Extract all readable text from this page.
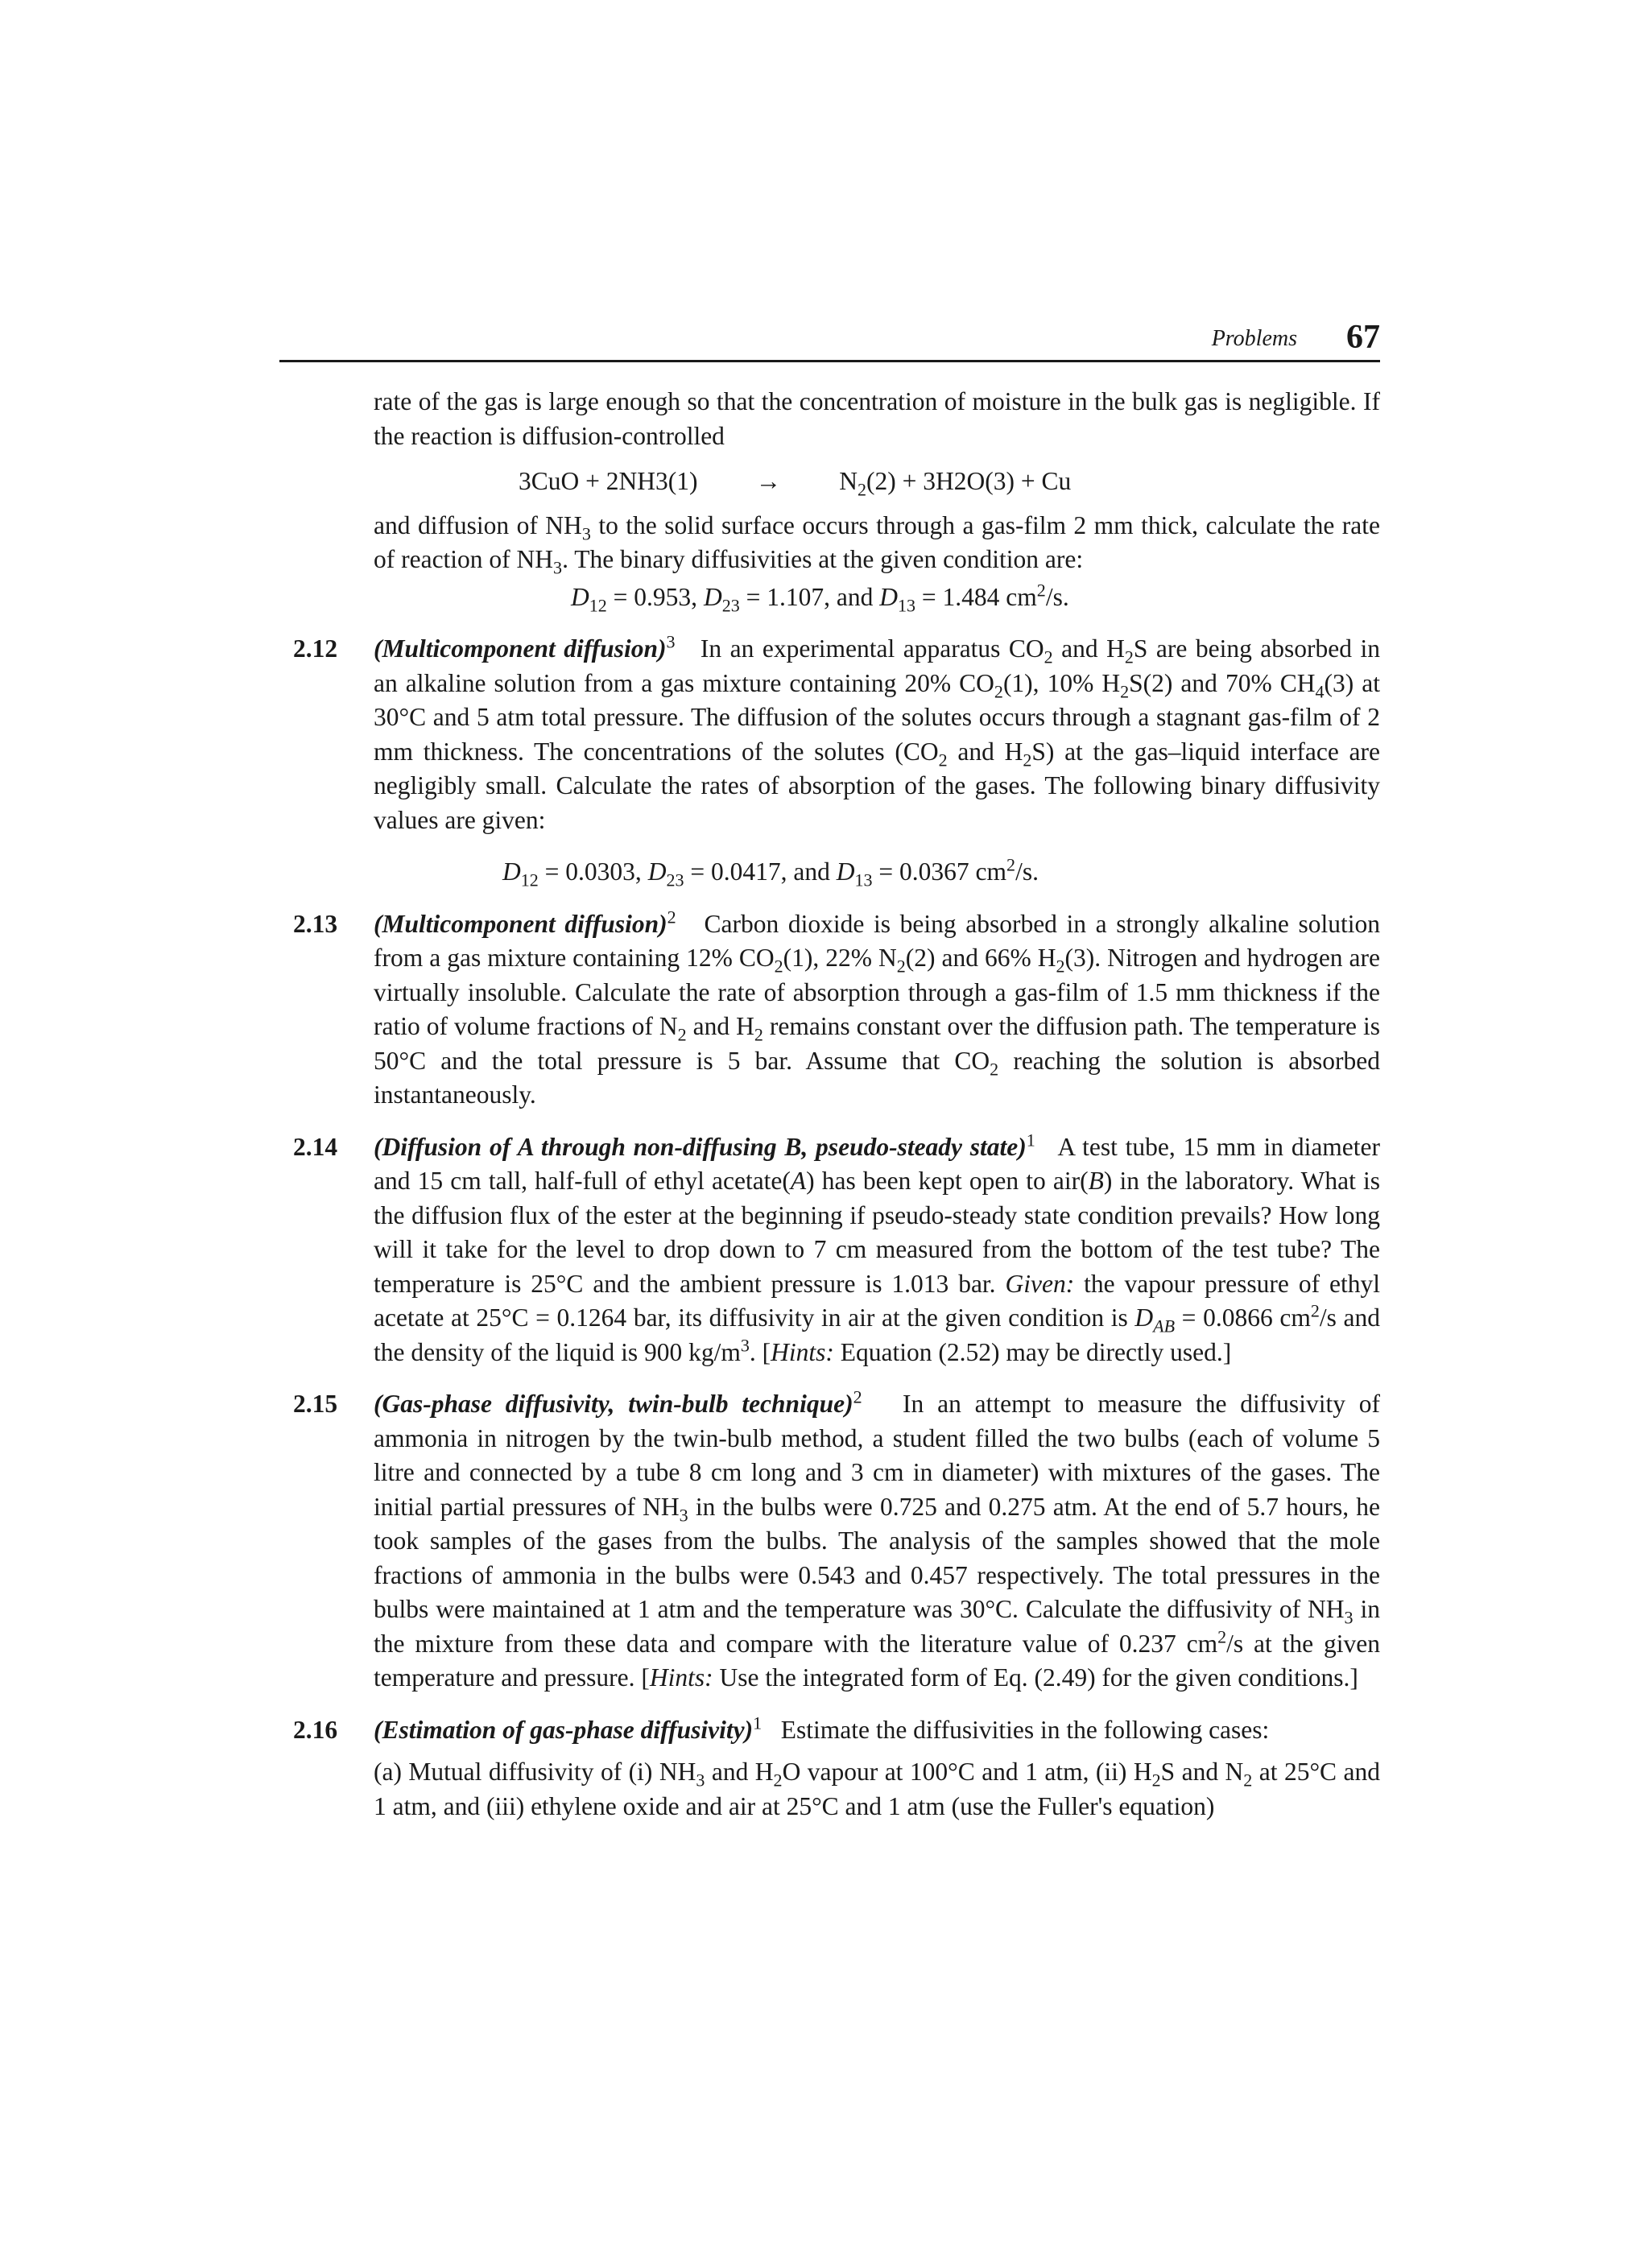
Problems 67

rate of the gas is large enough so that the concentration of moisture in the bulk gas is negligible. If the reaction is diffusion-controlled

$3CuO + 2NH3(1) \to N_2(2) + 3H2O(3) + Cu$

and diffusion of $NH_3$ to the solid surface occurs through a gas-film 2 mm thick, calculate the rate of reaction of $NH_3$. The binary diffusivities at the given condition are:

$D_{12} = 0.953$, $D_{23} = 1.107$, and $D_{13} = 1.484$ $cm^2/s$.

2.12	(Multicomponent diffusion)$^3$ In an experimental apparatus $CO_2$ and $H_2S$ are being absorbed in an alkaline solution from a gas mixture containing 20% $CO_2(1)$, 10% $H_2S(2)$ and 70% $CH_4(3)$ at 30°C and 5 atm total pressure. The diffusion of the solutes occurs through a stagnant gas-film of 2 mm thickness. The concentrations of the solutes ($CO_2$ and $H_2S$) at the gas–liquid interface are negligibly small. Calculate the rates of absorption of the gases. The following binary diffusivity values are given:

$D_{12} = 0.0303$, $D_{23} = 0.0417$, and $D_{13} = 0.0367$ $cm^2/s$.

2.13	(Multicomponent diffusion)$^2$ Carbon dioxide is being absorbed in a strongly alkaline solution from a gas mixture containing 12% $CO_2(1)$, 22% $N_2(2)$ and 66% $H_2(3)$. Nitrogen and hydrogen are virtually insoluble. Calculate the rate of absorption through a gas-film of 1.5 mm thickness if the ratio of volume fractions of $N_2$ and $H_2$ remains constant over the diffusion path. The temperature is 50°C and the total pressure is 5 bar. Assume that $CO_2$ reaching the solution is absorbed instantaneously.
2.14	(Diffusion of A through non-diffusing B, pseudo-steady state)$^1$ A test tube, 15 mm in diameter and 15 cm tall, half-full of ethyl acetate(A) has been kept open to air(B) in the laboratory. What is the diffusion flux of the ester at the beginning if pseudo-steady state condition prevails? How long will it take for the level to drop down to 7 cm measured from the bottom of the test tube? The temperature is 25°C and the ambient pressure is 1.013 bar. Given: the vapour pressure of ethyl acetate at 25°C = 0.1264 bar, its diffusivity in air at the given condition is $D_{AB} = 0.0866$ $cm^2/s$ and the density of the liquid is 900 $kg/m^3$. [Hints: Equation (2.52) may be directly used.]
2.15	(Gas-phase diffusivity, twin-bulb technique)$^2$ In an attempt to measure the diffusivity of ammonia in nitrogen by the twin-bulb method, a student filled the two bulbs (each of volume 5 litre and connected by a tube 8 cm long and 3 cm in diameter) with mixtures of the gases. The initial partial pressures of $NH_3$ in the bulbs were 0.725 and 0.275 atm. At the end of 5.7 hours, he took samples of the gases from the bulbs. The analysis of the samples showed that the mole fractions of ammonia in the bulbs were 0.543 and 0.457 respectively. The total pressures in the bulbs were maintained at 1 atm and the temperature was 30°C. Calculate the diffusivity of $NH_3$ in the mixture from these data and compare with the literature value of 0.237 $cm^2/s$ at the given temperature and pressure. [Hints: Use the integrated form of Eq. (2.49) for the given conditions.]
2.16	(Estimation of gas-phase diffusivity)$^1$ Estimate the diffusivities in the following cases:
(a) Mutual diffusivity of (i) $NH_3$ and $H_2O$ vapour at 100°C and 1 atm, (ii) $H_2S$ and $N_2$ at 25°C and 1 atm, and (iii) ethylene oxide and air at 25°C and 1 atm (use the Fuller's equation)
